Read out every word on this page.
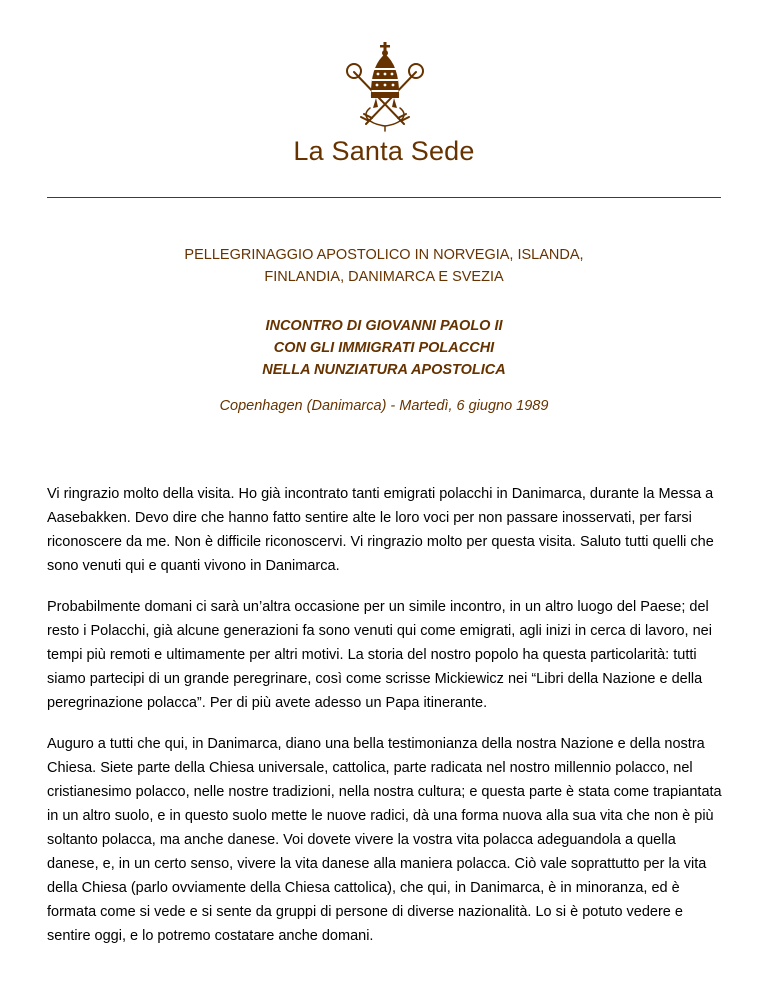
La Santa Sede
PELLEGRINAGGIO APOSTOLICO IN NORVEGIA, ISLANDA,
FINLANDIA, DANIMARCA E SVEZIA
INCONTRO DI GIOVANNI PAOLO II
CON GLI IMMIGRATI POLACCHI
NELLA NUNZIATURA APOSTOLICA
Copenhagen (Danimarca) - Martedì, 6 giugno 1989

Vi ringrazio molto della visita. Ho già incontrato tanti emigrati polacchi in Danimarca, durante la Messa a Aasebakken. Devo dire che hanno fatto sentire alte le loro voci per non passare inosservati, per farsi riconoscere da me. Non è difficile riconoscervi. Vi ringrazio molto per questa visita. Saluto tutti quelli che sono venuti qui e quanti vivono in Danimarca.

Probabilmente domani ci sarà un’altra occasione per un simile incontro, in un altro luogo del Paese; del resto i Polacchi, già alcune generazioni fa sono venuti qui come emigrati, agli inizi in cerca di lavoro, nei tempi più remoti e ultimamente per altri motivi. La storia del nostro popolo ha questa particolarità: tutti siamo partecipi di un grande peregrinare, così come scrisse Mickiewicz nei “Libri della Nazione e della peregrinazione polacca”. Per di più avete adesso un Papa itinerante.

Auguro a tutti che qui, in Danimarca, diano una bella testimonianza della nostra Nazione e della nostra Chiesa. Siete parte della Chiesa universale, cattolica, parte radicata nel nostro millennio polacco, nel cristianesimo polacco, nelle nostre tradizioni, nella nostra cultura; e questa parte è stata come trapiantata in un altro suolo, e in questo suolo mette le nuove radici, dà una forma nuova alla sua vita che non è più soltanto polacca, ma anche danese. Voi dovete vivere la vostra vita polacca adeguandola a quella danese, e, in un certo senso, vivere la vita danese alla maniera polacca. Ciò vale soprattutto per la vita della Chiesa (parlo ovviamente della Chiesa cattolica), che qui, in Danimarca, è in minoranza, ed è formata come si vede e si sente da gruppi di persone di diverse nazionalità. Lo si è potuto vedere e sentire oggi, e lo potremo costatare anche domani.
